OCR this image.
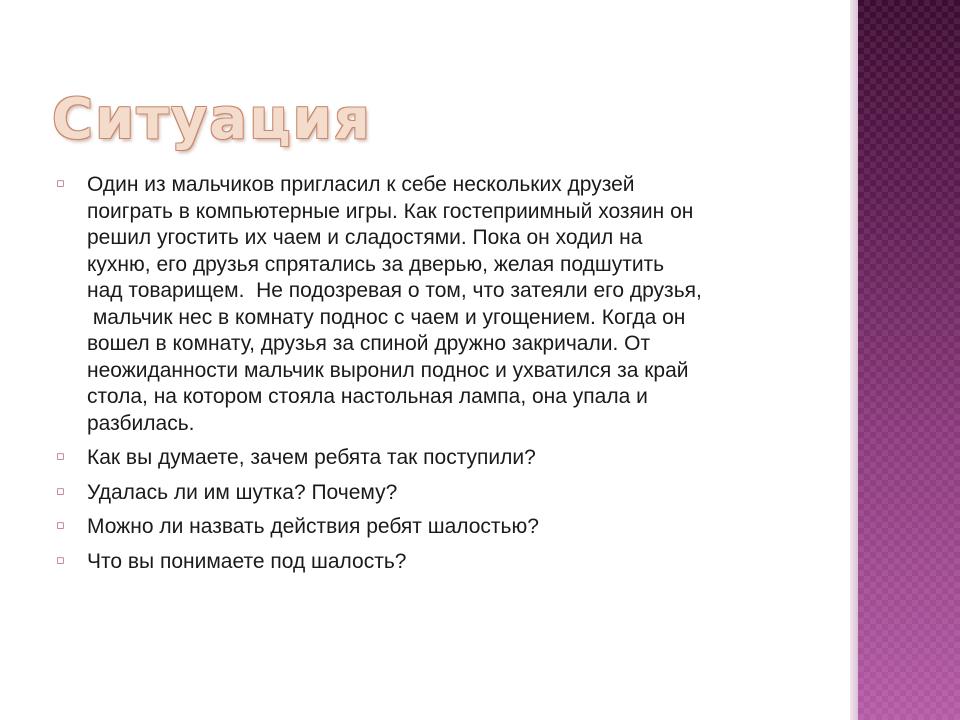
Ситуация
▫ Один из мальчиков пригласил к себе нескольких друзей
поиграть в компьютерные игры. Как гостеприимный хозяин он
решил угостить их чаем и сладостями. Пока он ходил на
кухню, его друзья спрятались за дверью, желая подшутить
над товарищем.  Не подозревая о том, что затеяли его друзья,
мальчик нес в комнату поднос с чаем и угощением. Когда он
вошел в комнату, друзья за спиной дружно закричали. От
неожиданности мальчик выронил поднос и ухватился за край
стола, на котором стояла настольная лампа, она упала и
разбилась.
▫ Как вы думаете, зачем ребята так поступили?
▫ Удалась ли им шутка? Почему?
▫ Можно ли назвать действия ребят шалостью?
▫ Что вы понимаете под шалость?
